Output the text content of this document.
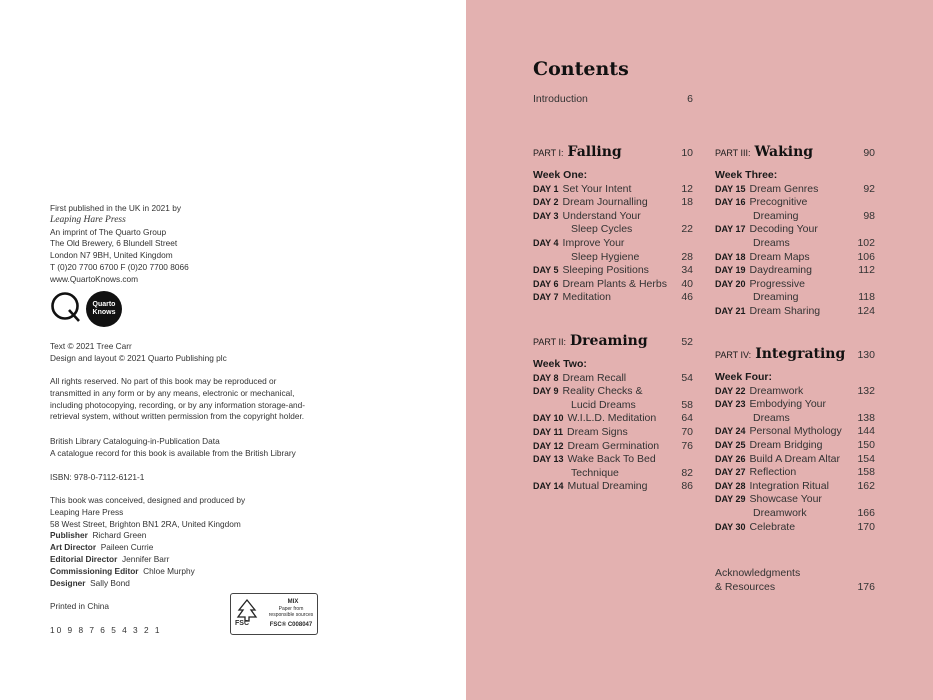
First published in the UK in 2021 by
Leaping Hare Press
An imprint of The Quarto Group
The Old Brewery, 6 Blundell Street
London N7 9BH, United Kingdom
T (0)20 7700 6700 F (0)20 7700 8066
www.QuartoKnows.com
Quarto
Knows
Text © 2021 Tree Carr
Design and layout © 2021 Quarto Publishing plc
All rights reserved. No part of this book may be reproduced or
transmitted in any form or by any means, electronic or mechanical,
including photocopying, recording, or by any information storage-and-
retrieval system, without written permission from the copyright holder.
British Library Cataloguing-in-Publication Data
A catalogue record for this book is available from the British Library
ISBN: 978-0-7112-6121-1
This book was conceived, designed and produced by
Leaping Hare Press
58 West Street, Brighton BN1 2RA, United Kingdom
Publisher Richard Green
Art Director Paileen Currie
Editorial Director Jennifer Barr
Commissioning Editor Chloe Murphy
Designer Sally Bond
Printed in China
10 9 8 7 6 5 4 3 2 1
FSC
MIX
Paper from
responsible sources
FSC® C008047
Contents
Introduction	6
PART I: Falling	10
Week One:
DAY 1 Set Your Intent	12
DAY 2 Dream Journalling	18
DAY 3 Understand Your
Sleep Cycles	22
DAY 4 Improve Your
Sleep Hygiene	28
DAY 5 Sleeping Positions	34
DAY 6 Dream Plants & Herbs 40
DAY 7 Meditation	46
PART II: Dreaming	52
Week Two:
DAY 8 Dream Recall	54
DAY 9 Reality Checks &
Lucid Dreams	58
DAY 10 W.I.L.D. Meditation 64
DAY 11 Dream Signs	70
DAY 12 Dream Germination 76
DAY 13 Wake Back To Bed
Technique	82
DAY 14 Mutual Dreaming	86
PART III: Waking	90
Week Three:
DAY 15 Dream Genres	92
DAY 16 Precognitive
Dreaming	98
DAY 17 Decoding Your
Dreams	102
DAY 18 Dream Maps	106
DAY 19 Daydreaming	112
DAY 20 Progressive
Dreaming	118
DAY 21 Dream Sharing	124
PART IV: Integrating 130
Week Four:
DAY 22 Dreamwork	132
DAY 23 Embodying Your
Dreams	138
DAY 24 Personal Mythology 144
DAY 25 Dream Bridging	150
DAY 26 Build A Dream Altar 154
DAY 27 Reflection	158
DAY 28 Integration Ritual	162
DAY 29 Showcase Your
Dreamwork	166
DAY 30 Celebrate	170
Acknowledgments
& Resources	176
